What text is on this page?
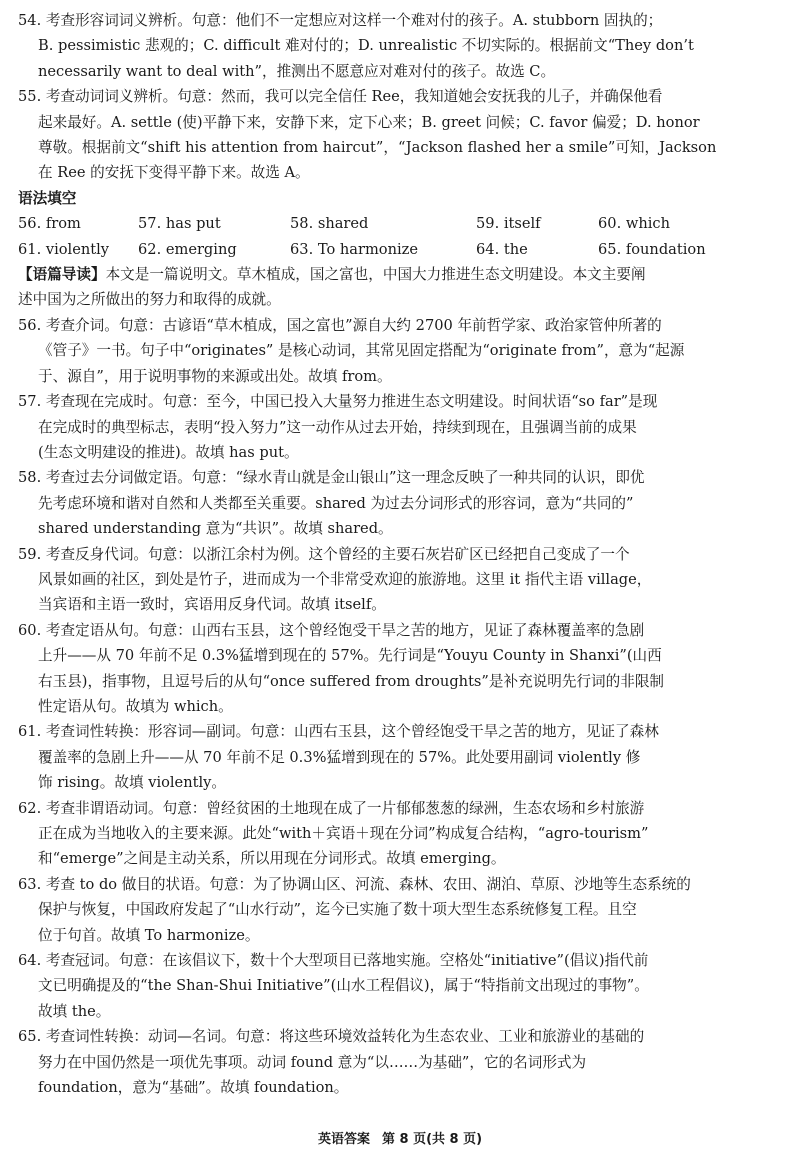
54. 考查形容词词义辨析。句意：他们不一定想应对这样一个难对付的孩子。A. stubborn 固执的；
B. pessimistic 悲观的；C. difficult 难对付的；D. unrealistic 不切实际的。根据前文“They don’t
necessarily want to deal with”，推测出不愿意应对难对付的孩子。故选 C。
55. 考查动词词义辨析。句意：然而，我可以完全信任 Ree，我知道她会安抚我的儿子，并确保他看
起来最好。A. settle (使)平静下来，安静下来，定下心来；B. greet 问候；C. favor 偏爱；D. honor
尊敬。根据前文“shift his attention from haircut”，“Jackson flashed her a smile”可知，Jackson
在 Ree 的安抚下变得平静下来。故选 A。
语法填空
56. from	57. has put	58. shared	59. itself	60. which
61. violently	62. emerging	63. To harmonize	64. the	65. foundation
【语篇导读】本文是一篇说明文。草木植成，国之富也，中国大力推进生态文明建设。本文主要阐
述中国为之所做出的努力和取得的成就。
56. 考查介词。句意：古谚语“草木植成，国之富也”源自大约 2700 年前哲学家、政治家管仲所著的
《管子》一书。句子中“originates” 是核心动词，其常见固定搭配为“originate from”，意为“起源
于、源自”，用于说明事物的来源或出处。故填 from。
57. 考查现在完成时。句意：至今，中国已投入大量努力推进生态文明建设。时间状语“so far”是现
在完成时的典型标志，表明“投入努力”这一动作从过去开始，持续到现在，且强调当前的成果
(生态文明建设的推进)。故填 has put。
58. 考查过去分词做定语。句意：“绿水青山就是金山银山”这一理念反映了一种共同的认识，即优
先考虑环境和谐对自然和人类都至关重要。shared 为过去分词形式的形容词，意为“共同的”
shared understanding 意为“共识”。故填 shared。
59. 考查反身代词。句意：以浙江余村为例。这个曾经的主要石灰岩矿区已经把自己变成了一个
风景如画的社区，到处是竹子，进而成为一个非常受欢迎的旅游地。这里 it 指代主语 village，
当宾语和主语一致时，宾语用反身代词。故填 itself。
60. 考查定语从句。句意：山西右玉县，这个曾经饱受干旱之苦的地方，见证了森林覆盖率的急剧
上升——从 70 年前不足 0.3%猛增到现在的 57%。先行词是“Youyu County in Shanxi”(山西
右玉县)，指事物，且逗号后的从句“once suffered from droughts”是补充说明先行词的非限制
性定语从句。故填为 which。
61. 考查词性转换：形容词—副词。句意：山西右玉县，这个曾经饱受干旱之苦的地方，见证了森林
覆盖率的急剧上升——从 70 年前不足 0.3%猛增到现在的 57%。此处要用副词 violently 修
饰 rising。故填 violently。
62. 考查非谓语动词。句意：曾经贫困的土地现在成了一片郁郁葱葱的绿洲，生态农场和乡村旅游
正在成为当地收入的主要来源。此处“with＋宾语＋现在分词”构成复合结构，“agro-tourism”
和“emerge”之间是主动关系，所以用现在分词形式。故填 emerging。
63. 考查 to do 做目的状语。句意：为了协调山区、河流、森林、农田、湖泊、草原、沙地等生态系统的
保护与恢复，中国政府发起了“山水行动”，迄今已实施了数十项大型生态系统修复工程。且空
位于句首。故填 To harmonize。
64. 考查冠词。句意：在该倡议下，数十个大型项目已落地实施。空格处“initiative”(倡议)指代前
文已明确提及的“the Shan-Shui Initiative”(山水工程倡议)，属于“特指前文出现过的事物”。
故填 the。
65. 考查词性转换：动词—名词。句意：将这些环境效益转化为生态农业、工业和旅游业的基础的
努力在中国仍然是一项优先事项。动词 found 意为“以……为基础”，它的名词形式为
foundation，意为“基础”。故填 foundation。
英语答案 第 8 页(共 8 页)
